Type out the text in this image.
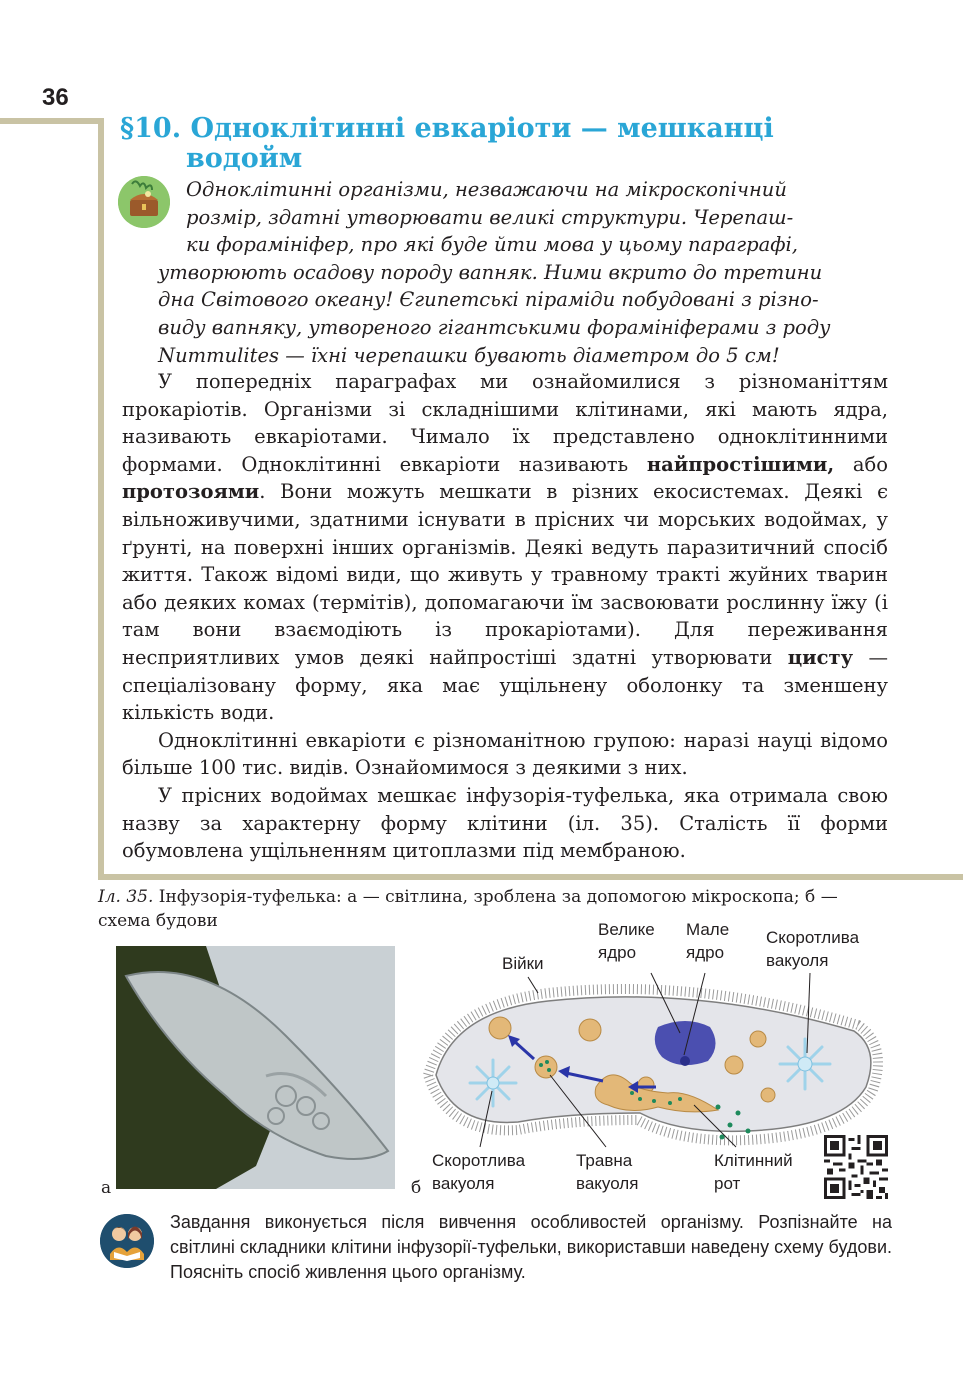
36
§10. Одноклітинні евкаріоти — мешканці
водойм
Одноклітинні організми, незважаючи на мікроскопічний
розмір, здатні утворювати великі структури. Черепаш-
ки форамініфер, про які буде йти мова у цьому параграфі,
утворюють осадову породу вапняк. Ними вкрито до третини
дна Світового океану! Єгипетські піраміди побудовані з різно-
виду вапняку, утвореного гігантськими форамініферами з роду
Nummulites — їхні черепашки бувають діаметром до 5 см!

У попередніх параграфах ми ознайомилися з різноманіттям прокаріотів. Організми зі складнішими клітинами, які мають ядра, називають евкаріотами. Чимало їх представлено одноклітинними формами. Одноклітинні евкаріоти називають найпростішими, або протозоями. Вони можуть мешкати в різних екосистемах. Деякі є вільноживучими, здатними існувати в прісних чи морських водоймах, у ґрунті, на поверхні інших організмів. Деякі ведуть паразитичний спосіб життя. Також відомі види, що живуть у травному тракті жуйних тварин або деяких комах (термітів), допомагаючи їм засвоювати рослинну їжу (і там вони взаємодіють із прокаріотами). Для переживання несприятливих умов деякі найпростіші здатні утворювати цисту — спеціалізовану форму, яка має ущільнену оболонку та зменшену кількість води.

Одноклітинні евкаріоти є різноманітною групою: наразі науці відомо більше 100 тис. видів. Ознайомимося з деякими з них.

У прісних водоймах мешкає інфузорія-туфелька, яка отримала свою назву за характерну форму клітини (іл. 35). Сталість її форми обумовлена ущільненням цитоплазми під мембраною.

Іл. 35. Інфузорія-туфелька: а — світлина, зроблена за допомогою мікроскопа; б — схема будови

а	б
Війки
Велике
ядро
Мале
ядро
Скоротлива
вакуоля
Скоротлива
вакуоля
Травна
вакуоля
Клітинний
рот

Завдання виконується після вивчення особливостей організму. Розпізнайте на світлині складники клітини інфузорії-туфельки, використавши наведену схему будови. Поясніть спосіб живлення цього організму.
